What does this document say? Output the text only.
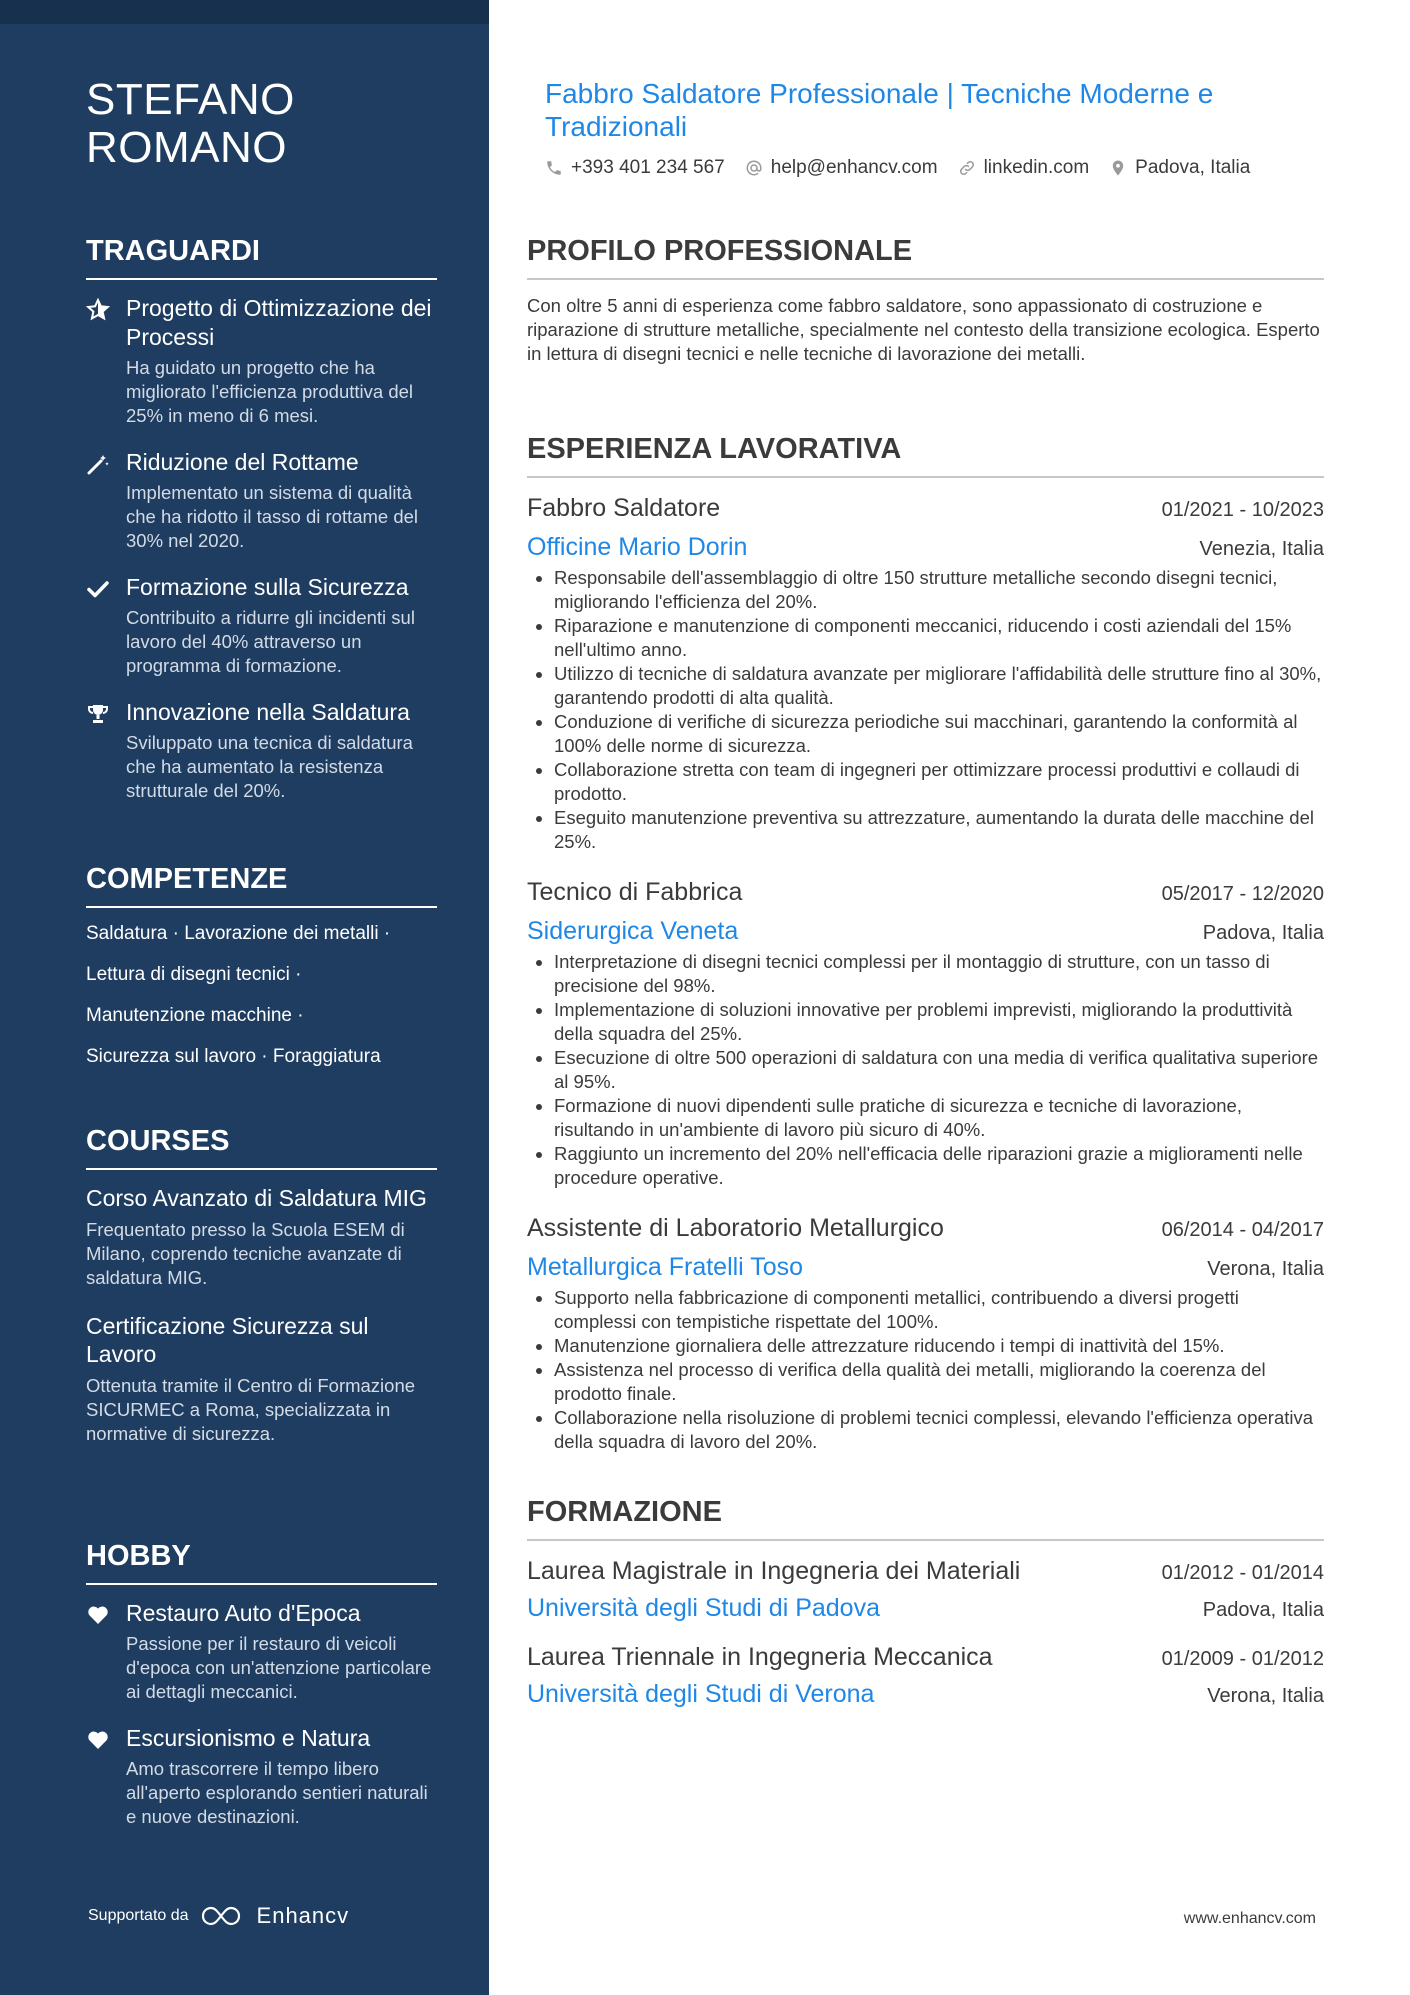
STEFANO ROMANO
TRAGUARDI
Progetto di Ottimizzazione dei Processi
Ha guidato un progetto che ha migliorato l'efficienza produttiva del 25% in meno di 6 mesi.
Riduzione del Rottame
Implementato un sistema di qualità che ha ridotto il tasso di rottame del 30% nel 2020.
Formazione sulla Sicurezza
Contribuito a ridurre gli incidenti sul lavoro del 40% attraverso un programma di formazione.
Innovazione nella Saldatura
Sviluppato una tecnica di saldatura che ha aumentato la resistenza strutturale del 20%.
COMPETENZE
Saldatura · Lavorazione dei metalli ·
Lettura di disegni tecnici ·
Manutenzione macchine ·
Sicurezza sul lavoro · Foraggiatura
COURSES
Corso Avanzato di Saldatura MIG
Frequentato presso la Scuola ESEM di Milano, coprendo tecniche avanzate di saldatura MIG.
Certificazione Sicurezza sul Lavoro
Ottenuta tramite il Centro di Formazione SICURMEC a Roma, specializzata in normative di sicurezza.
HOBBY
Restauro Auto d'Epoca
Passione per il restauro di veicoli d'epoca con un'attenzione particolare ai dettagli meccanici.
Escursionismo e Natura
Amo trascorrere il tempo libero all'aperto esplorando sentieri naturali e nuove destinazioni.
Supportato da	Enhancv
Fabbro Saldatore Professionale | Tecniche Moderne e Tradizionali
+393 401 234 567 help@enhancv.com linkedin.com Padova, Italia
PROFILO PROFESSIONALE

Con oltre 5 anni di esperienza come fabbro saldatore, sono appassionato di costruzione e riparazione di strutture metalliche, specialmente nel contesto della transizione ecologica. Esperto in lettura di disegni tecnici e nelle tecniche di lavorazione dei metalli.

ESPERIENZA LAVORATIVA
Fabbro Saldatore	01/2021 - 10/2023
Officine Mario Dorin	Venezia, Italia
• Responsabile dell'assemblaggio di oltre 150 strutture metalliche secondo disegni tecnici, migliorando l'efficienza del 20%.
• Riparazione e manutenzione di componenti meccanici, riducendo i costi aziendali del 15% nell'ultimo anno.
• Utilizzo di tecniche di saldatura avanzate per migliorare l'affidabilità delle strutture fino al 30%, garantendo prodotti di alta qualità.
• Conduzione di verifiche di sicurezza periodiche sui macchinari, garantendo la conformità al 100% delle norme di sicurezza.
• Collaborazione stretta con team di ingegneri per ottimizzare processi produttivi e collaudi di prodotto.
• Eseguito manutenzione preventiva su attrezzature, aumentando la durata delle macchine del 25%.
Tecnico di Fabbrica	05/2017 - 12/2020
Siderurgica Veneta	Padova, Italia
• Interpretazione di disegni tecnici complessi per il montaggio di strutture, con un tasso di precisione del 98%.
• Implementazione di soluzioni innovative per problemi imprevisti, migliorando la produttività della squadra del 25%.
• Esecuzione di oltre 500 operazioni di saldatura con una media di verifica qualitativa superiore al 95%.
• Formazione di nuovi dipendenti sulle pratiche di sicurezza e tecniche di lavorazione, risultando in un'ambiente di lavoro più sicuro di 40%.
• Raggiunto un incremento del 20% nell'efficacia delle riparazioni grazie a miglioramenti nelle procedure operative.
Assistente di Laboratorio Metallurgico	06/2014 - 04/2017
Metallurgica Fratelli Toso	Verona, Italia
• Supporto nella fabbricazione di componenti metallici, contribuendo a diversi progetti complessi con tempistiche rispettate del 100%.
• Manutenzione giornaliera delle attrezzature riducendo i tempi di inattività del 15%.
• Assistenza nel processo di verifica della qualità dei metalli, migliorando la coerenza del prodotto finale.
• Collaborazione nella risoluzione di problemi tecnici complessi, elevando l'efficienza operativa della squadra di lavoro del 20%.
FORMAZIONE
Laurea Magistrale in Ingegneria dei Materiali	01/2012 - 01/2014
Università degli Studi di Padova	Padova, Italia
Laurea Triennale in Ingegneria Meccanica	01/2009 - 01/2012
Università degli Studi di Verona	Verona, Italia
www.enhancv.com
